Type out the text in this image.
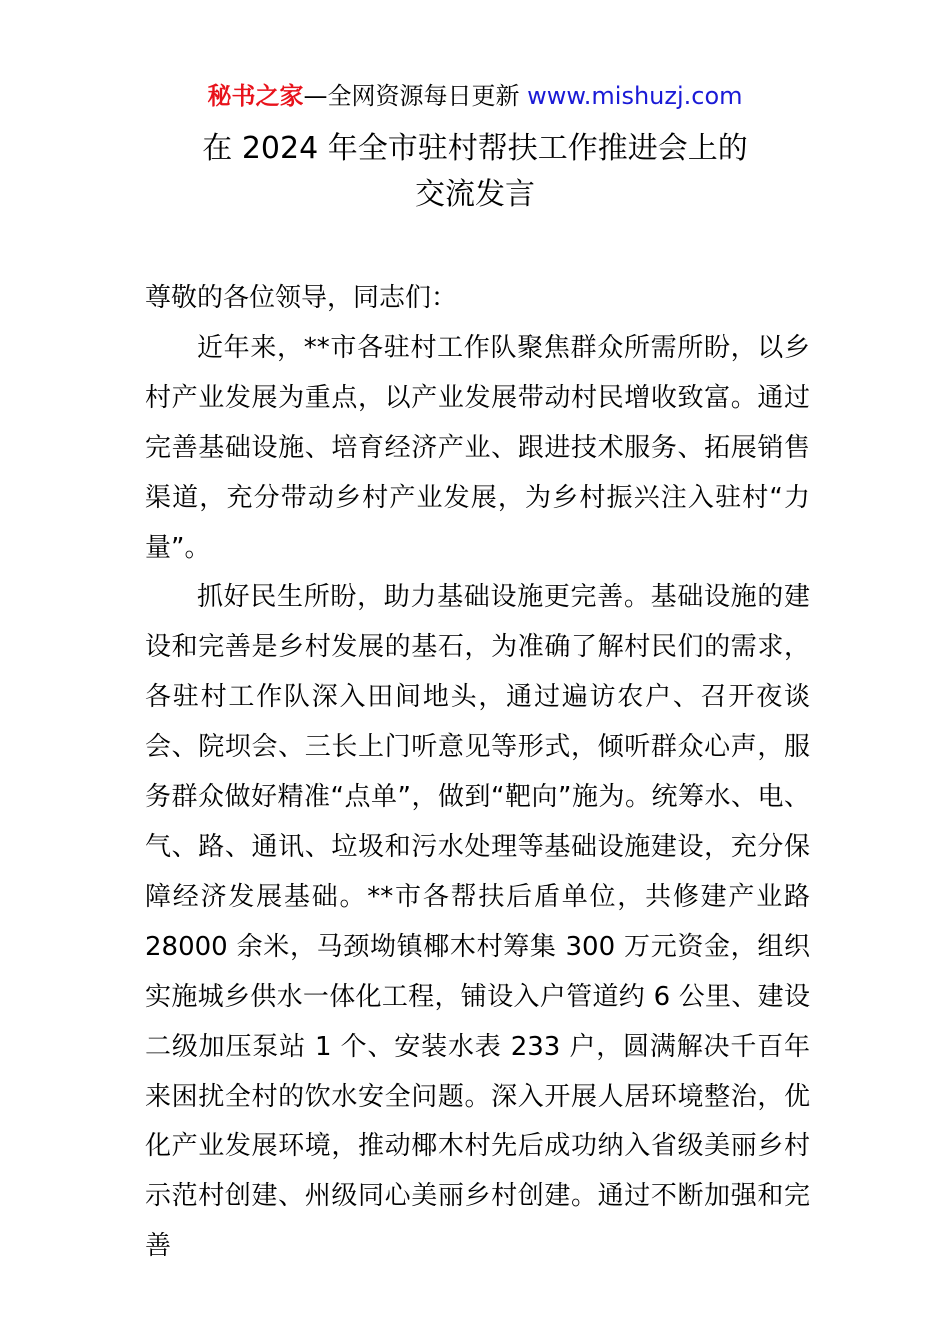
秘书之家—全网资源每日更新 www.mishuzj.com
在 2024 年全市驻村帮扶工作推进会上的
交流发言

尊敬的各位领导，同志们：

近年来，**市各驻村工作队聚焦群众所需所盼，以乡村产业发展为重点，以产业发展带动村民增收致富。通过完善基础设施、培育经济产业、跟进技术服务、拓展销售渠道，充分带动乡村产业发展，为乡村振兴注入驻村“力量”。

抓好民生所盼，助力基础设施更完善。基础设施的建设和完善是乡村发展的基石，为准确了解村民们的需求，各驻村工作队深入田间地头，通过遍访农户、召开夜谈会、院坝会、三长上门听意见等形式，倾听群众心声，服务群众做好精准“点单”，做到“靶向”施为。统筹水、电、气、路、通讯、垃圾和污水处理等基础设施建设，充分保障经济发展基础。**市各帮扶后盾单位，共修建产业路 28000 余米，马颈坳镇椰木村筹集 300 万元资金，组织实施城乡供水一体化工程，铺设入户管道约 6 公里、建设二级加压泵站 1 个、安装水表 233 户，圆满解决千百年来困扰全村的饮水安全问题。深入开展人居环境整治，优化产业发展环境，推动椰木村先后成功纳入省级美丽乡村示范村创建、州级同心美丽乡村创建。通过不断加强和完善
